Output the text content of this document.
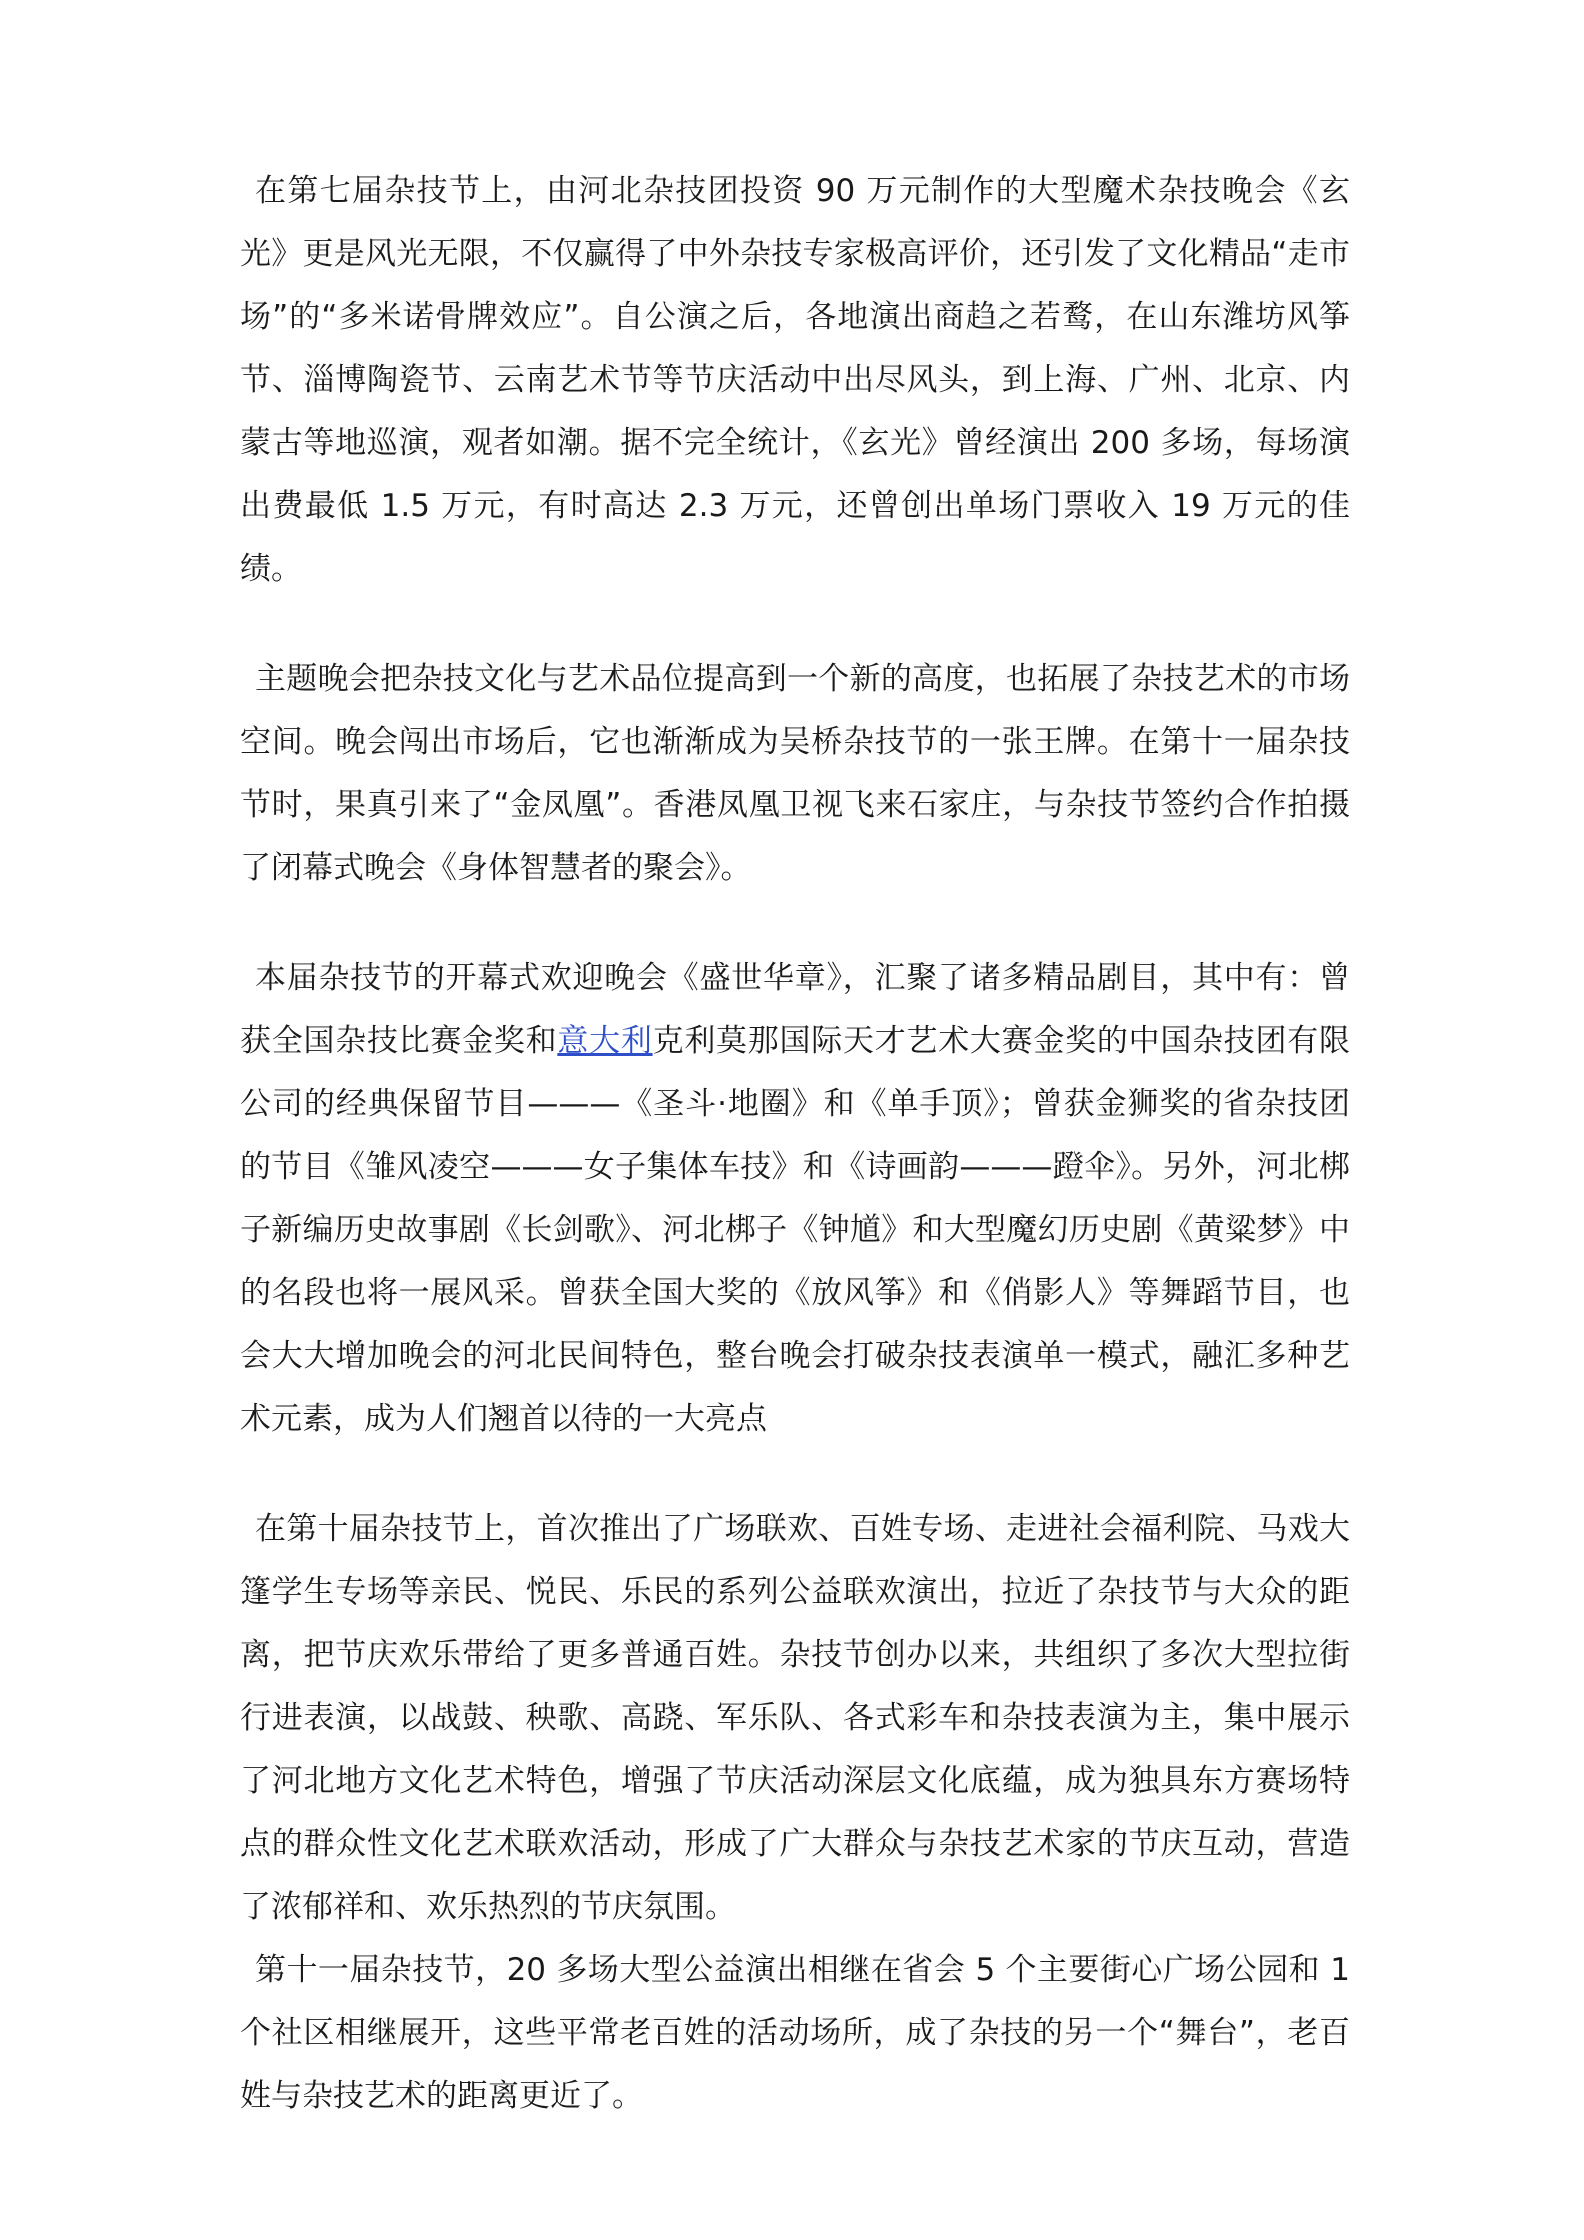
在第七届杂技节上，由河北杂技团投资 90 万元制作的大型魔术杂技晚会《玄光》更是风光无限，不仅赢得了中外杂技专家极高评价，还引发了文化精品“走市场”的“多米诺骨牌效应”。自公演之后，各地演出商趋之若鹜，在山东潍坊风筝节、淄博陶瓷节、云南艺术节等节庆活动中出尽风头，到上海、广州、北京、内蒙古等地巡演，观者如潮。据不完全统计，《玄光》曾经演出 200 多场，每场演出费最低 1.5 万元，有时高达 2.3 万元，还曾创出单场门票收入 19 万元的佳绩。

主题晚会把杂技文化与艺术品位提高到一个新的高度，也拓展了杂技艺术的市场空间。晚会闯出市场后，它也渐渐成为吴桥杂技节的一张王牌。在第十一届杂技节时，果真引来了“金凤凰”。香港凤凰卫视飞来石家庄，与杂技节签约合作拍摄了闭幕式晚会《身体智慧者的聚会》。

本届杂技节的开幕式欢迎晚会《盛世华章》，汇聚了诸多精品剧目，其中有：曾获全国杂技比赛金奖和意大利克利莫那国际天才艺术大赛金奖的中国杂技团有限公司的经典保留节目———《圣斗·地圈》和《单手顶》；曾获金狮奖的省杂技团的节目《雏风凌空———女子集体车技》和《诗画韵———蹬伞》。另外，河北梆子新编历史故事剧《长剑歌》、河北梆子《钟馗》和大型魔幻历史剧《黄粱梦》中的名段也将一展风采。曾获全国大奖的《放风筝》和《俏影人》等舞蹈节目，也会大大增加晚会的河北民间特色，整台晚会打破杂技表演单一模式，融汇多种艺术元素，成为人们翘首以待的一大亮点

在第十届杂技节上，首次推出了广场联欢、百姓专场、走进社会福利院、马戏大篷学生专场等亲民、悦民、乐民的系列公益联欢演出，拉近了杂技节与大众的距离，把节庆欢乐带给了更多普通百姓。杂技节创办以来，共组织了多次大型拉街行进表演，以战鼓、秧歌、高跷、军乐队、各式彩车和杂技表演为主，集中展示了河北地方文化艺术特色，增强了节庆活动深层文化底蕴，成为独具东方赛场特点的群众性文化艺术联欢活动，形成了广大群众与杂技艺术家的节庆互动，营造了浓郁祥和、欢乐热烈的节庆氛围。

第十一届杂技节，20 多场大型公益演出相继在省会 5 个主要街心广场公园和 1 个社区相继展开，这些平常老百姓的活动场所，成了杂技的另一个“舞台”，老百姓与杂技艺术的距离更近了。
